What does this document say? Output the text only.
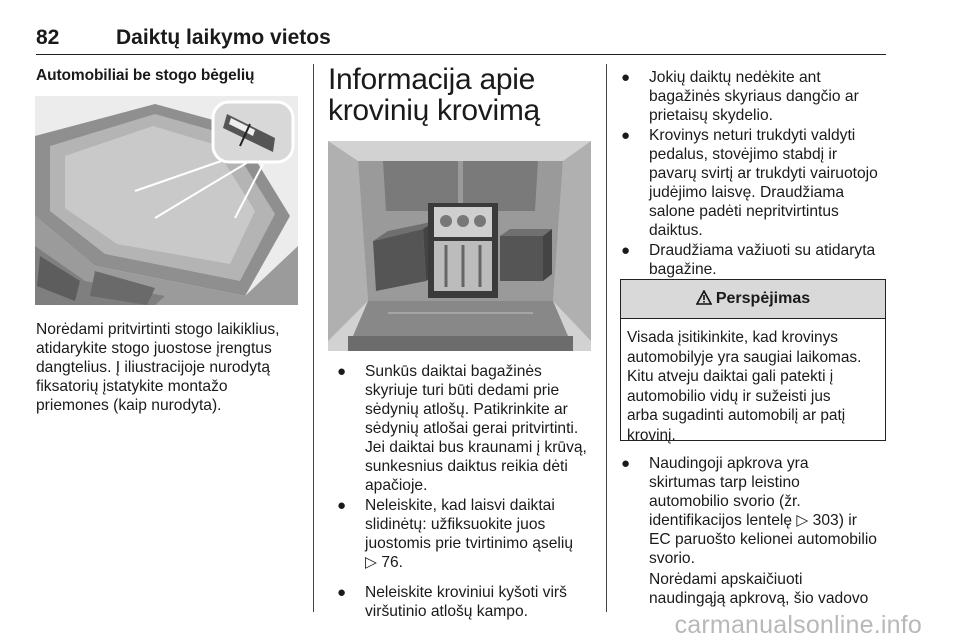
82	Daiktų laikymo vietos
Automobiliai be stogo bėgelių
Norėdami pritvirtinti stogo laikiklius,
atidarykite stogo juostose įrengtus
dangtelius. Į iliustracijoje nurodytą
fiksatorių įstatykite montažo
priemones (kaip nurodyta).
Informacija apie
krovinių krovimą
● Sunkūs daiktai bagažinės
skyriuje turi būti dedami prie
sėdynių atlošų. Patikrinkite ar
sėdynių atlošai gerai pritvirtinti.
Jei daiktai bus kraunami į krūvą,
sunkesnius daiktus reikia dėti
apačioje.
● Neleiskite, kad laisvi daiktai
slidinėtų: užfiksuokite juos
juostomis prie tvirtinimo ąselių
▷ 76.
● Neleiskite kroviniui kyšoti virš
viršutinio atlošų kampo.
● Jokių daiktų nedėkite ant
bagažinės skyriaus dangčio ar
prietaisų skydelio.
● Krovinys neturi trukdyti valdyti
pedalus, stovėjimo stabdį ir
pavarų svirtį ar trukdyti vairuotojo
judėjimo laisvę. Draudžiama
salone padėti nepritvirtintus
daiktus.
● Draudžiama važiuoti su atidaryta
bagažine.
Perspėjimas
Visada įsitikinkite, kad krovinys
automobilyje yra saugiai laikomas.
Kitu atveju daiktai gali patekti į
automobilio vidų ir sužeisti jus
arba sugadinti automobilį ar patį
krovinį.
● Naudingoji apkrova yra
skirtumas tarp leistino
automobilio svorio (žr.
identifikacijos lentelę ▷ 303) ir
EC paruošto kelionei automobilio
svorio.
Norėdami apskaičiuoti
naudingąją apkrovą, šio vadovo
carmanualsonline.info
